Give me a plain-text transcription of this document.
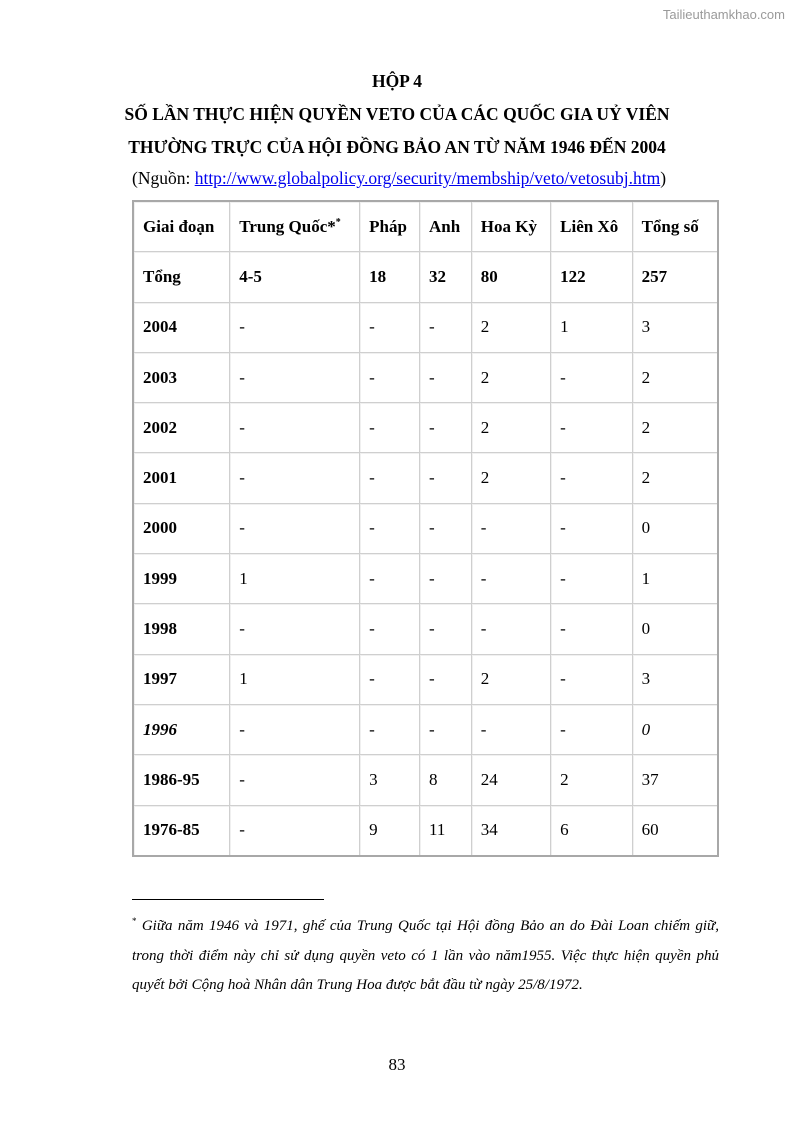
Tailieuthamkhao.com
HỘP 4
SỐ LẦN THỰC HIỆN QUYỀN VETO CỦA CÁC QUỐC GIA UỶ VIÊN
THƯỜNG TRỰC CỦA HỘI ĐỒNG BẢO AN TỪ NĂM 1946 ĐẾN 2004
(Nguồn: http://www.globalpolicy.org/security/membship/veto/vetosubj.htm)
Giai đoạn	Trung Quốc**	Pháp	Anh	Hoa Kỳ	Liên Xô	Tổng số
Tổng	4-5	18	32	80	122	257
2004	-	-	-	2	1	3
2003	-	-	-	2	-	2
2002	-	-	-	2	-	2
2001	-	-	-	2	-	2
2000	-	-	-	-	-	0
1999	1	-	-	-	-	1
1998	-	-	-	-	-	0
1997	1	-	-	2	-	3
1996	-	-	-	-	-	0
1986-95	-	3	8	24	2	37
1976-85	-	9	11	34	6	60
* Giữa năm 1946 và 1971, ghế của Trung Quốc tại Hội đồng Bảo an do Đài Loan chiếm giữ, trong thời điểm này chỉ sử dụng quyền veto có 1 lần vào năm1955. Việc thực hiện quyền phủ quyết bởi Cộng hoà Nhân dân Trung Hoa được bắt đầu từ ngày 25/8/1972.
83
